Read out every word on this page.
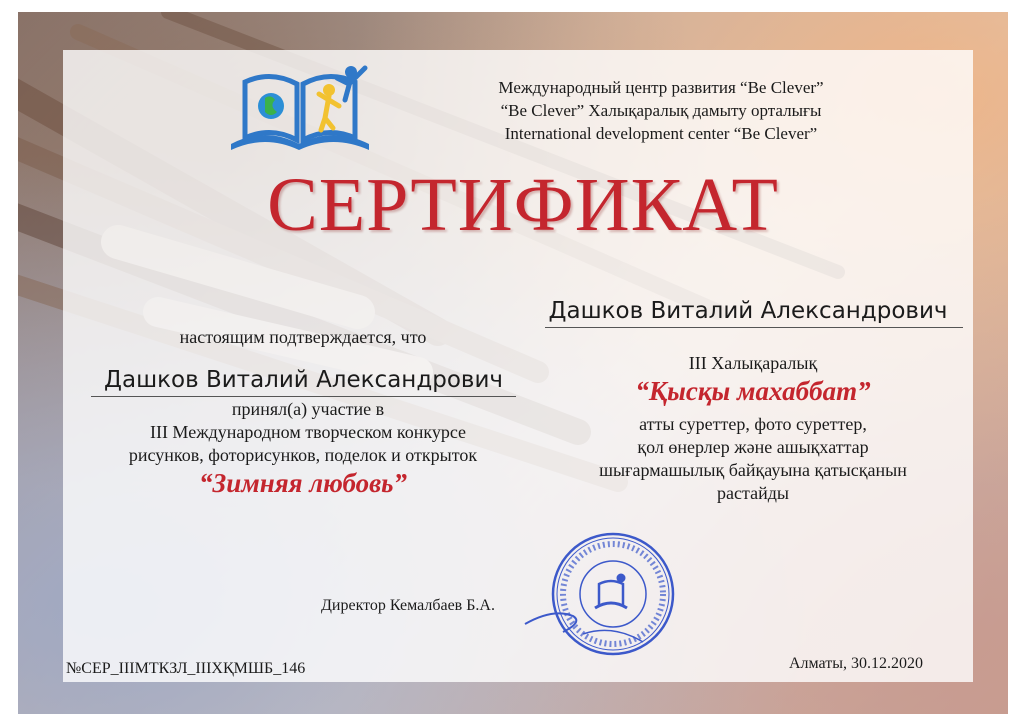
Международный центр развития “Be Clever”
“Be Clever” Халықаралық дамыту орталығы
International development center “Be Clever”
СЕРТИФИКАТ
настоящим подтверждается, что
Дашков Виталий Александрович
принял(а) участие в
III Международном творческом конкурсе
рисунков, фоторисунков, поделок и открыток
“Зимняя любовь”
Дашков Виталий Александрович
III Халықаралық
“Қысқы махаббат”
атты суреттер, фото суреттер,
қол өнерлер және ашықхаттар
шығармашылық байқауына қатысқанын
растайды
Директор Кемалбаев Б.А.
№СЕР_IIIМТКЗЛ_IIIХҚМШБ_146	Алматы, 30.12.2020
